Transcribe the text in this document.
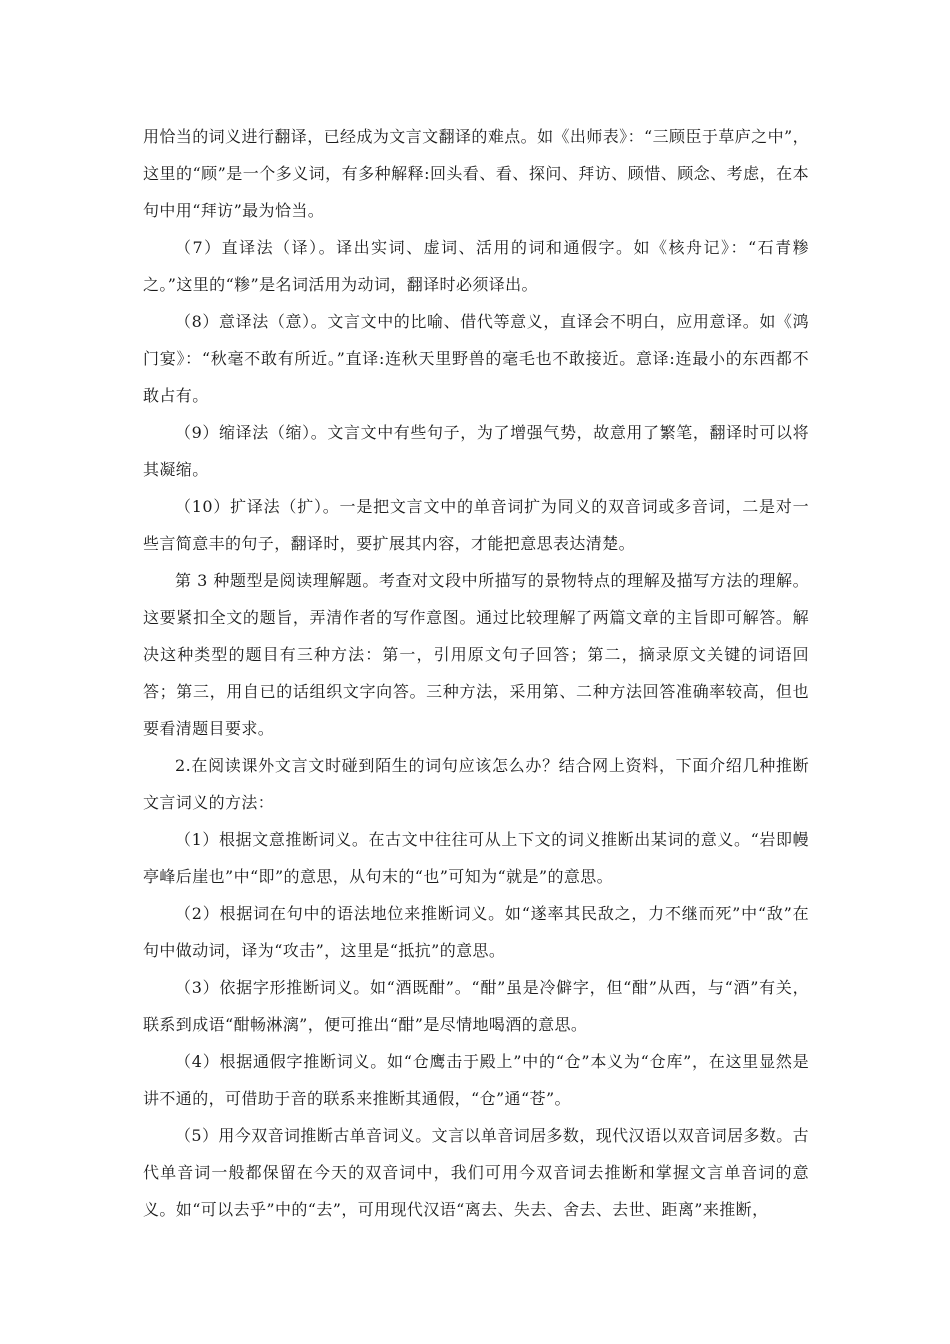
用恰当的词义进行翻译，已经成为文言文翻译的难点。如《出师表》：“三顾臣于草庐之中”，这里的“顾”是一个多义词，有多种解释:回头看、看、探问、拜访、顾惜、顾念、考虑，在本句中用“拜访”最为恰当。

（7）直译法（译）。译出实词、虚词、活用的词和通假字。如《核舟记》：“石青糁之。”这里的“糁”是名词活用为动词，翻译时必须译出。

（8）意译法（意）。文言文中的比喻、借代等意义，直译会不明白，应用意译。如《鸿门宴》：“秋毫不敢有所近。”直译:连秋天里野兽的毫毛也不敢接近。意译:连最小的东西都不敢占有。

（9）缩译法（缩）。文言文中有些句子，为了增强气势，故意用了繁笔，翻译时可以将其凝缩。

（10）扩译法（扩）。一是把文言文中的单音词扩为同义的双音词或多音词，二是对一些言简意丰的句子，翻译时，要扩展其内容，才能把意思表达清楚。

第 3 种题型是阅读理解题。考查对文段中所描写的景物特点的理解及描写方法的理解。这要紧扣全文的题旨，弄清作者的写作意图。通过比较理解了两篇文章的主旨即可解答。解决这种类型的题目有三种方法：第一，引用原文句子回答；第二，摘录原文关键的词语回答；第三，用自已的话组织文字向答。三种方法，采用第、二种方法回答准确率较高，但也要看清题目要求。

2.在阅读课外文言文时碰到陌生的词句应该怎么办？结合网上资料，下面介绍几种推断文言词义的方法：

（1）根据文意推断词义。在古文中往往可从上下文的词义推断出某词的意义。“岩即幔亭峰后崖也”中“即”的意思，从句末的“也”可知为“就是”的意思。

（2）根据词在句中的语法地位来推断词义。如“遂率其民敌之，力不继而死”中“敌”在句中做动词，译为“攻击”，这里是“抵抗”的意思。

（3）依据字形推断词义。如“酒既酣”。“酣”虽是冷僻字，但“酣”从西，与“酒”有关，联系到成语“酣畅淋漓”，便可推出“酣”是尽情地喝酒的意思。

（4）根据通假字推断词义。如“仓鹰击于殿上”中的“仓”本义为“仓库”，在这里显然是讲不通的，可借助于音的联系来推断其通假，“仓”通“苍”。

（5）用今双音词推断古单音词义。文言以单音词居多数，现代汉语以双音词居多数。古代单音词一般都保留在今天的双音词中，我们可用今双音词去推断和掌握文言单音词的意义。如“可以去乎”中的“去”，可用现代汉语“离去、失去、舍去、去世、距离”来推断，
